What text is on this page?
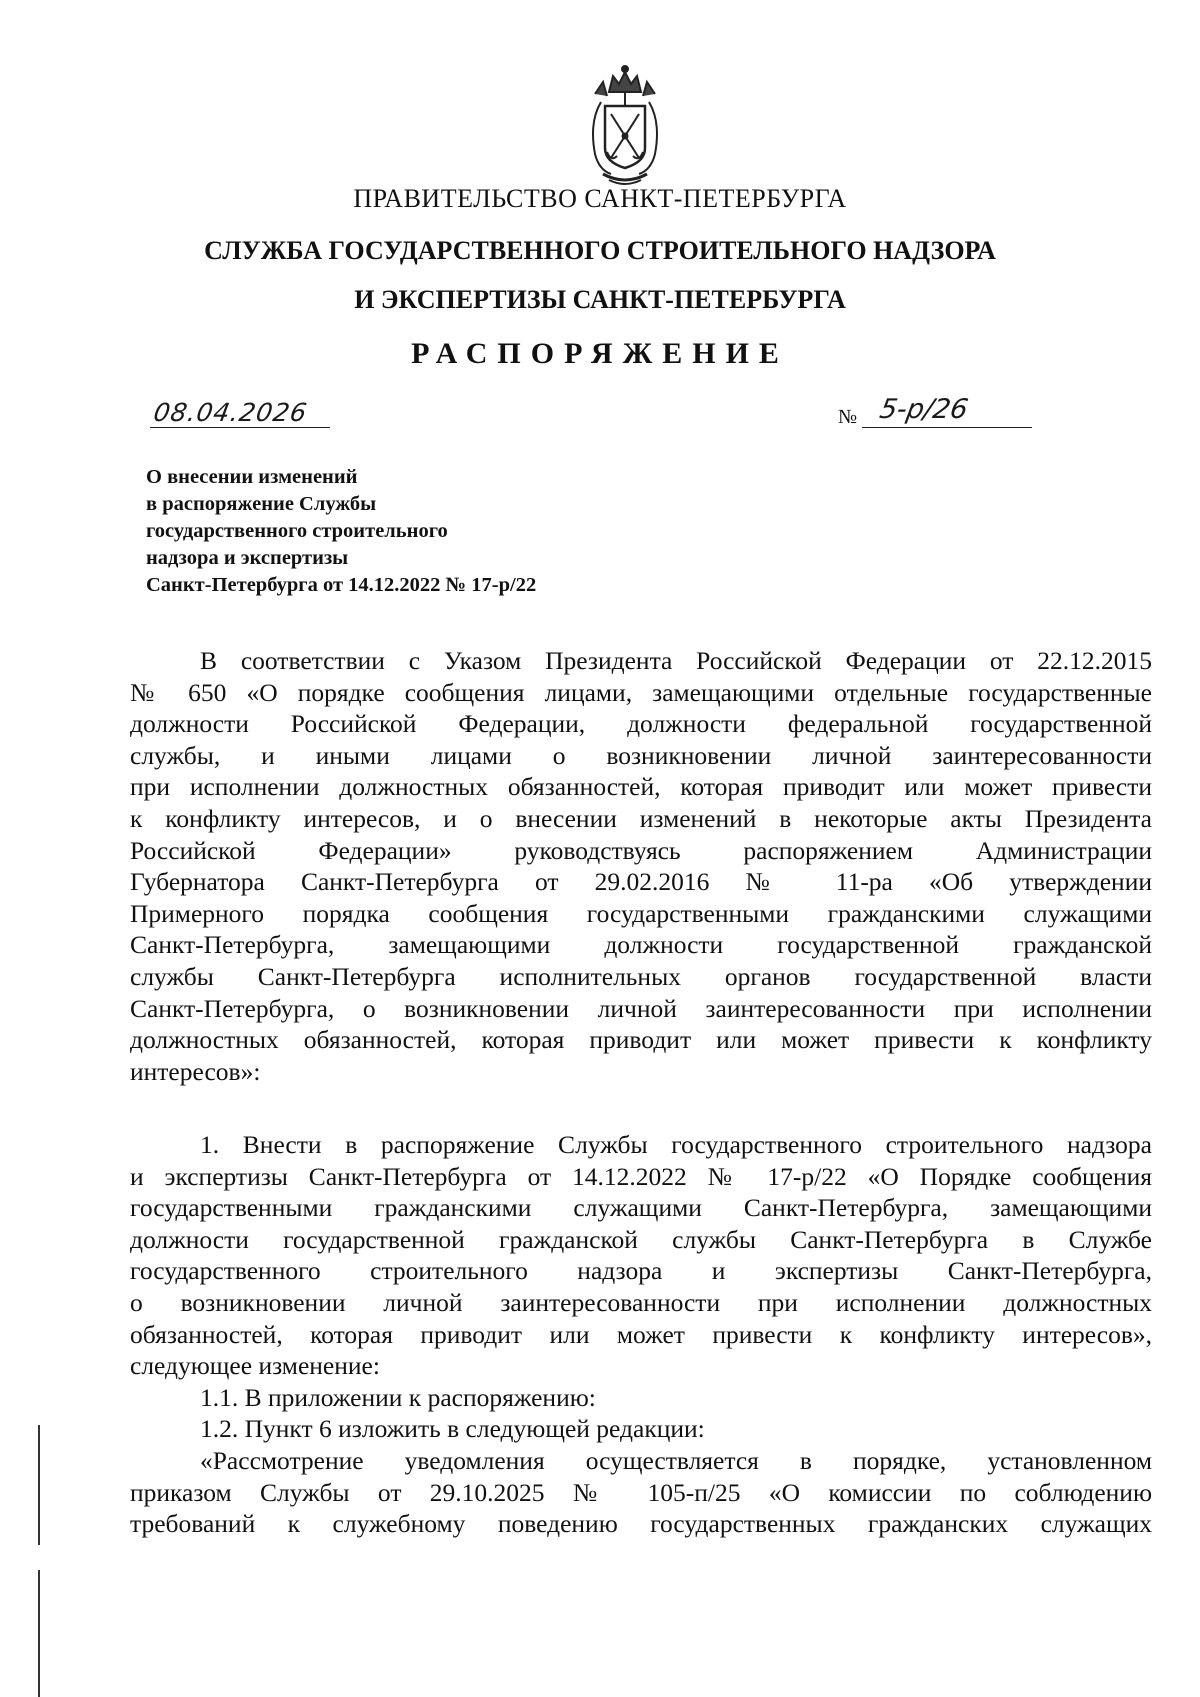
ПРАВИТЕЛЬСТВО САНКТ-ПЕТЕРБУРГА
СЛУЖБА ГОСУДАРСТВЕННОГО СТРОИТЕЛЬНОГО НАДЗОРА
И ЭКСПЕРТИЗЫ САНКТ-ПЕТЕРБУРГА
РАСПОРЯЖЕНИЕ
08.04.2026	№ 5-р/26
О внесении изменений
в распоряжение Службы
государственного строительного
надзора и экспертизы
Санкт-Петербурга от 14.12.2022 № 17-р/22
В соответствии с Указом Президента Российской Федерации от 22.12.2015
№ 650 «О порядке сообщения лицами, замещающими отдельные государственные
должности Российской Федерации, должности федеральной государственной
службы, и иными лицами о возникновении личной заинтересованности
при исполнении должностных обязанностей, которая приводит или может привести
к конфликту интересов, и о внесении изменений в некоторые акты Президента
Российской Федерации» руководствуясь распоряжением Администрации
Губернатора Санкт-Петербурга от 29.02.2016 № 11-ра «Об утверждении
Примерного порядка сообщения государственными гражданскими служащими
Санкт-Петербурга, замещающими должности государственной гражданской
службы Санкт-Петербурга исполнительных органов государственной власти
Санкт-Петербурга, о возникновении личной заинтересованности при исполнении
должностных обязанностей, которая приводит или может привести к конфликту
интересов»:
1. Внести в распоряжение Службы государственного строительного надзора
и экспертизы Санкт-Петербурга от 14.12.2022 № 17-р/22 «О Порядке сообщения
государственными гражданскими служащими Санкт-Петербурга, замещающими
должности государственной гражданской службы Санкт-Петербурга в Службе
государственного строительного надзора и экспертизы Санкт-Петербурга,
о возникновении личной заинтересованности при исполнении должностных
обязанностей, которая приводит или может привести к конфликту интересов»,
следующее изменение:
1.1. В приложении к распоряжению:
1.2. Пункт 6 изложить в следующей редакции:
«Рассмотрение уведомления осуществляется в порядке, установленном
приказом Службы от 29.10.2025 № 105-п/25 «О комиссии по соблюдению
требований к служебному поведению государственных гражданских служащих
